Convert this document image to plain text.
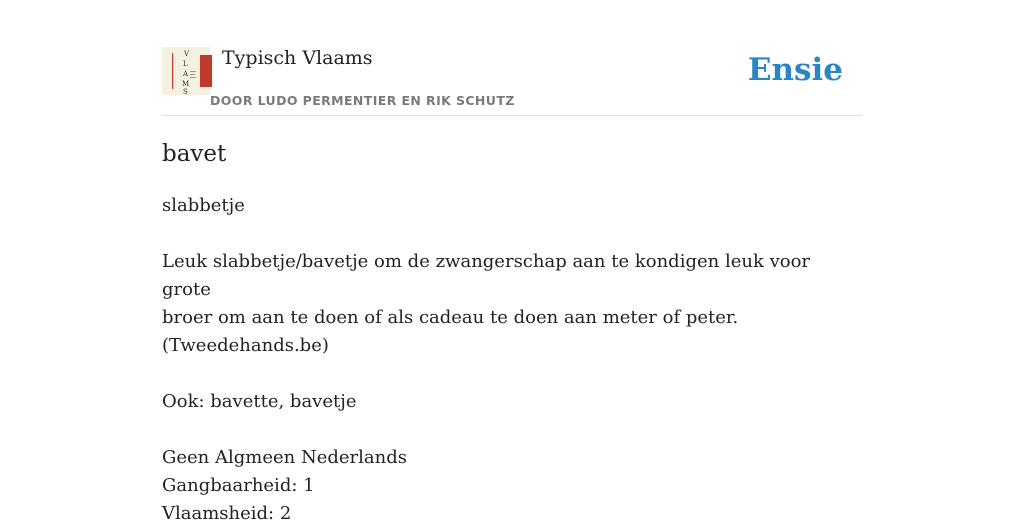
V
L
A
M
S
Typisch Vlaams
DOOR LUDO PERMENTIER EN RIK SCHUTZ
Ensie
bavet
slabbetje
Leuk slabbetje/bavetje om de zwangerschap aan te kondigen leuk voor grote
broer om aan te doen of als cadeau te doen aan meter of peter.
(Tweedehands.be)
Ook: bavette, bavetje
Geen Algmeen Nederlands
Gangbaarheid: 1
Vlaamsheid: 2
